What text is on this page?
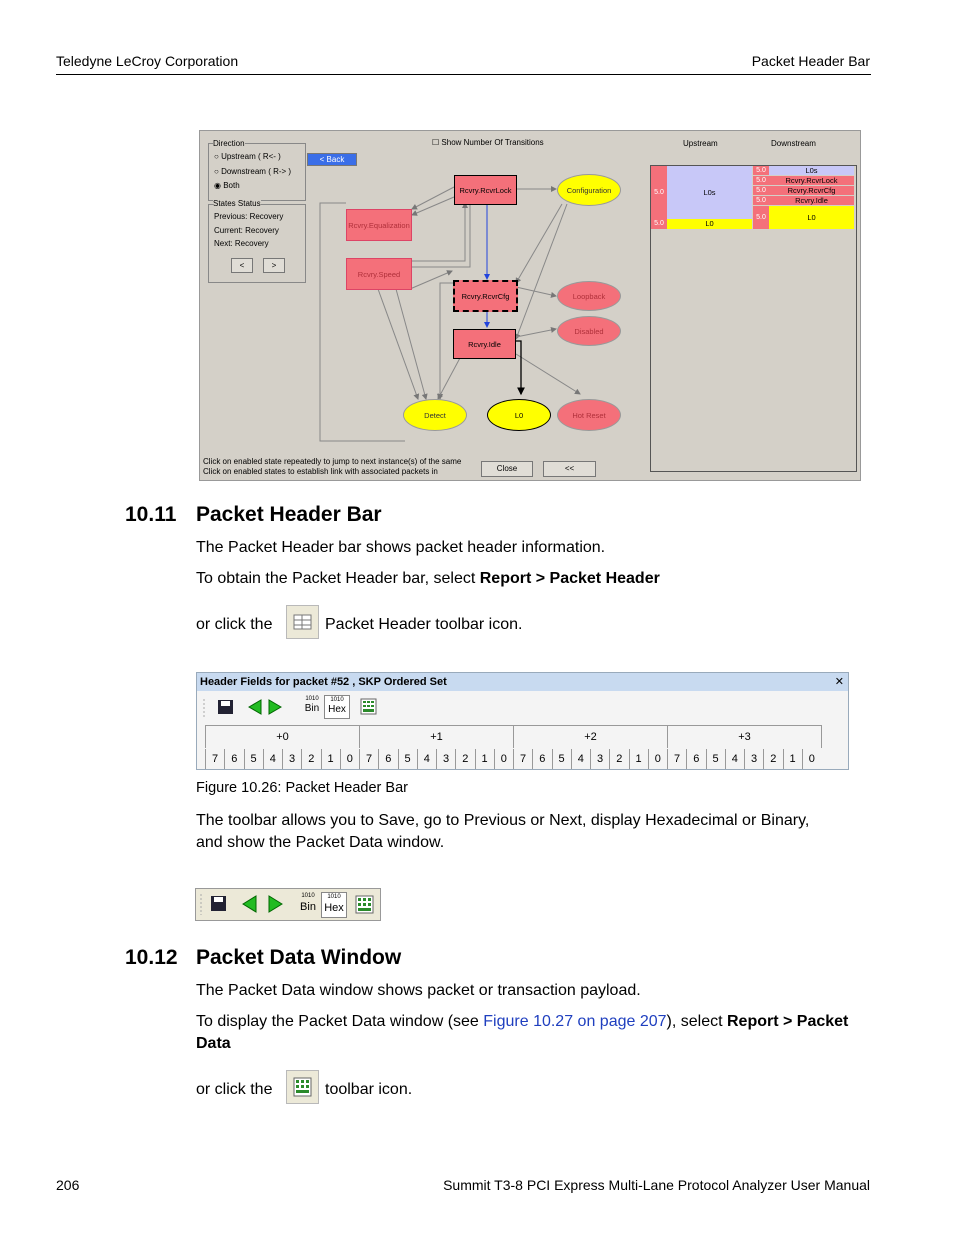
Teledyne LeCroy Corporation	Packet Header Bar
Direction
○ Upstream ( R<- )
○ Downstream ( R-> )
◉ Both
< Back
☐ Show Number Of Transitions	Upstream	Downstream
States Status
Previous: Recovery
Current: Recovery
Next: Recovery
<	>
Rcvry.RcvrLock	Configuration
Rcvry.Equalization
Rcvry.Speed
Rcvry.RcvrCfg	Loopback
Disabled
Rcvry.Idle
Detect	L0	Hot Reset
5.0	L0s
5.0	L0
5.0	L0s
5.0	Rcvry.RcvrLock
5.0	Rcvry.RcvrCfg
5.0	Rcvry.Idle
5.0	L0
Click on enabled state repeatedly to jump to next instance(s) of the same
Click on enabled states to establish link with associated packets in	Close	<<
10.11 Packet Header Bar
The Packet Header bar shows packet header information.
To obtain the Packet Header bar, select Report > Packet Header
or click the	Packet Header toolbar icon.
Header Fields for packet #52 , SKP Ordered Set	✕
1010
Bin
1010
Hex
+0	+1	+2	+3
7	6	5	4	3	2	1	0	7	6	5	4	3	2	1	0	7	6	5	4	3	2	1	0	7	6	5	4	3	2	1	0
Figure 10.26: Packet Header Bar
The toolbar allows you to Save, go to Previous or Next, display Hexadecimal or Binary,
and show the Packet Data window.
1010
Bin
1010
Hex
10.12 Packet Data Window
The Packet Data window shows packet or transaction payload.
To display the Packet Data window (see Figure 10.27 on page 207), select Report > Packet
Data
or click the	toolbar icon.
206	Summit T3-8 PCI Express Multi-Lane Protocol Analyzer User Manual
